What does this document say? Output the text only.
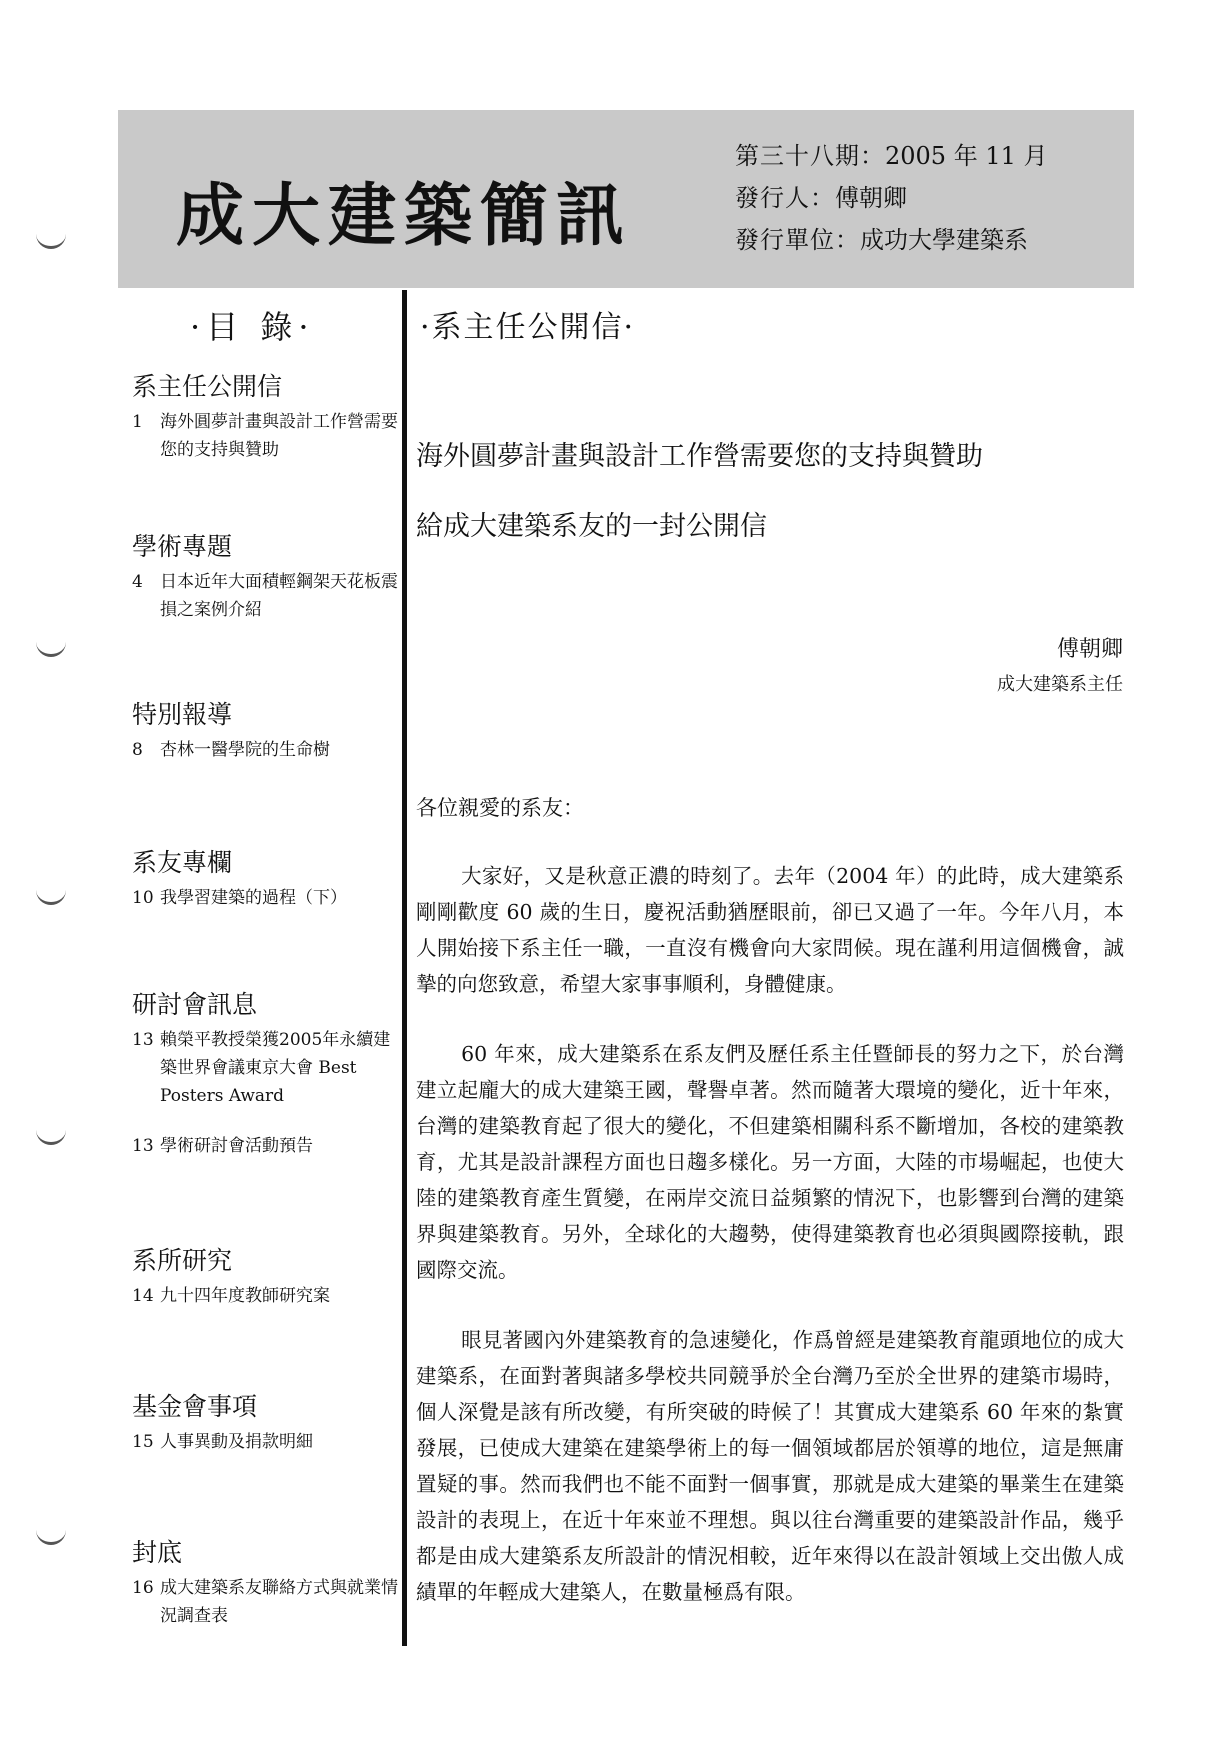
成大建築簡訊
第三十八期：2005 年 11 月
發行人：傅朝卿
發行單位：成功大學建築系
·目 錄·	·系主任公開信·
系主任公開信
1	海外圓夢計畫與設計工作營需要您的支持與贊助
學術專題
4	日本近年大面積輕鋼架天花板震損之案例介紹
特別報導
8	杏林一醫學院的生命樹
系友專欄
10 我學習建築的過程（下）
研討會訊息
13 賴榮平教授榮獲2005年永續建築世界會議東京大會 Best Posters Award
13 學術研討會活動預告
系所研究
14 九十四年度教師研究案
基金會事項
15 人事異動及捐款明細
封底
16 成大建築系友聯絡方式與就業情況調查表
海外圓夢計畫與設計工作營需要您的支持與贊助
給成大建築系友的一封公開信
傅朝卿
成大建築系主任
各位親愛的系友：

大家好，又是秋意正濃的時刻了。去年（2004 年）的此時，成大建築系剛剛歡度 60 歲的生日，慶祝活動猶歷眼前，卻已又過了一年。今年八月，本人開始接下系主任一職，一直沒有機會向大家問候。現在謹利用這個機會，誠摯的向您致意，希望大家事事順利，身體健康。

60 年來，成大建築系在系友們及歷任系主任暨師長的努力之下，於台灣建立起龐大的成大建築王國，聲譽卓著。然而隨著大環境的變化，近十年來，台灣的建築教育起了很大的變化，不但建築相關科系不斷增加，各校的建築教育，尤其是設計課程方面也日趨多樣化。另一方面，大陸的市場崛起，也使大陸的建築教育產生質變，在兩岸交流日益頻繁的情況下，也影響到台灣的建築界與建築教育。另外，全球化的大趨勢，使得建築教育也必須與國際接軌，跟國際交流。

眼見著國內外建築教育的急速變化，作爲曾經是建築教育龍頭地位的成大建築系，在面對著與諸多學校共同競爭於全台灣乃至於全世界的建築市場時，個人深覺是該有所改變，有所突破的時候了！其實成大建築系 60 年來的紮實發展，已使成大建築在建築學術上的每一個領域都居於領導的地位，這是無庸置疑的事。然而我們也不能不面對一個事實，那就是成大建築的畢業生在建築設計的表現上，在近十年來並不理想。與以往台灣重要的建築設計作品，幾乎都是由成大建築系友所設計的情況相較，近年來得以在設計領域上交出傲人成績單的年輕成大建築人，在數量極爲有限。
